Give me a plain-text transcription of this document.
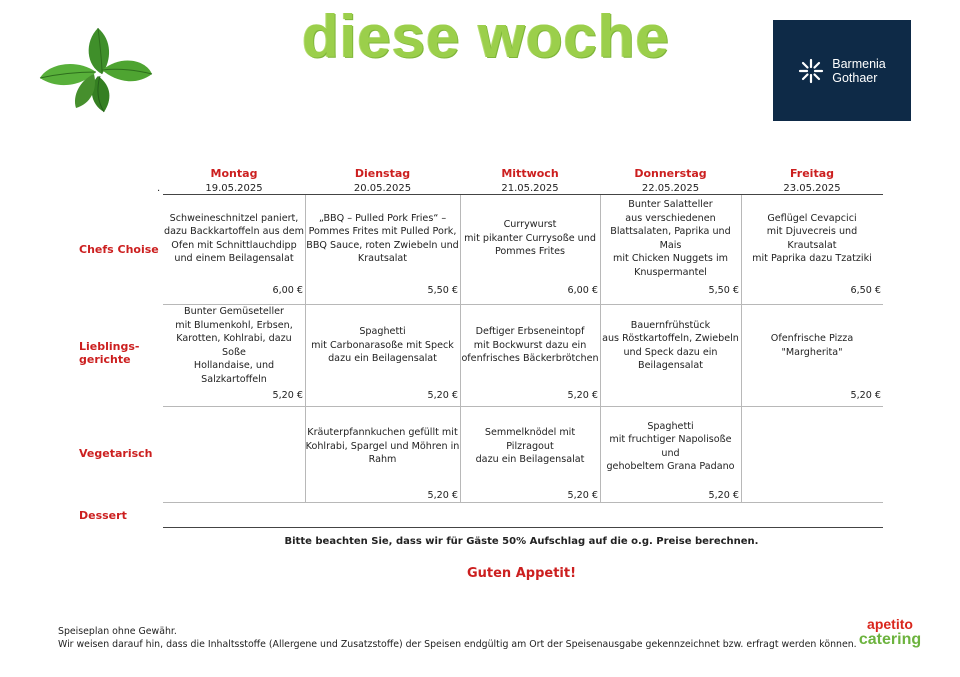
diese woche	Barmenia
Gothaer
.
Montag
19.05.2025
Dienstag
20.05.2025
Mittwoch
21.05.2025
Donnerstag
22.05.2025
Freitag
23.05.2025
Chefs Choise
Schweineschnitzel paniert,
dazu Backkartoffeln aus dem
Ofen mit Schnittlauchdipp
und einem Beilagensalat
6,00 €
„BBQ – Pulled Pork Fries“ –
Pommes Frites mit Pulled Pork,
BBQ Sauce, roten Zwiebeln und
Krautsalat
5,50 €
Currywurst
mit pikanter Currysoße und
Pommes Frites
6,00 €
Bunter Salatteller
aus verschiedenen
Blattsalaten, Paprika und Mais
mit Chicken Nuggets im
Knuspermantel
5,50 €
Geflügel Cevapcici
mit Djuvecreis und Krautsalat
mit Paprika dazu Tzatziki
6,50 €
Lieblings-
gerichte
Bunter Gemüseteller
mit Blumenkohl, Erbsen,
Karotten, Kohlrabi, dazu Soße
Hollandaise, und
Salzkartoffeln
5,20 €
Spaghetti
mit Carbonarasoße mit Speck
dazu ein Beilagensalat
5,20 €
Deftiger Erbseneintopf
mit Bockwurst dazu ein
ofenfrisches Bäckerbrötchen
5,20 €
Bauernfrühstück
aus Röstkartoffeln, Zwiebeln
und Speck dazu ein
Beilagensalat
Ofenfrische Pizza
"Margherita"
5,20 €
Vegetarisch
Kräuterpfannkuchen gefüllt mit
Kohlrabi, Spargel und Möhren in
Rahm
5,20 €
Semmelknödel mit Pilzragout
dazu ein Beilagensalat
5,20 €
Spaghetti
mit fruchtiger Napolisoße und
gehobeltem Grana Padano
5,20 €
Dessert
Bitte beachten Sie, dass wir für Gäste 50% Aufschlag auf die o.g. Preise berechnen.
Guten Appetit!
Speiseplan ohne Gewähr.
Wir weisen darauf hin, dass die Inhaltsstoffe (Allergene und Zusatzstoffe) der Speisen endgültig am Ort der Speisenausgabe gekennzeichnet bzw. erfragt werden können.
apetito
catering
